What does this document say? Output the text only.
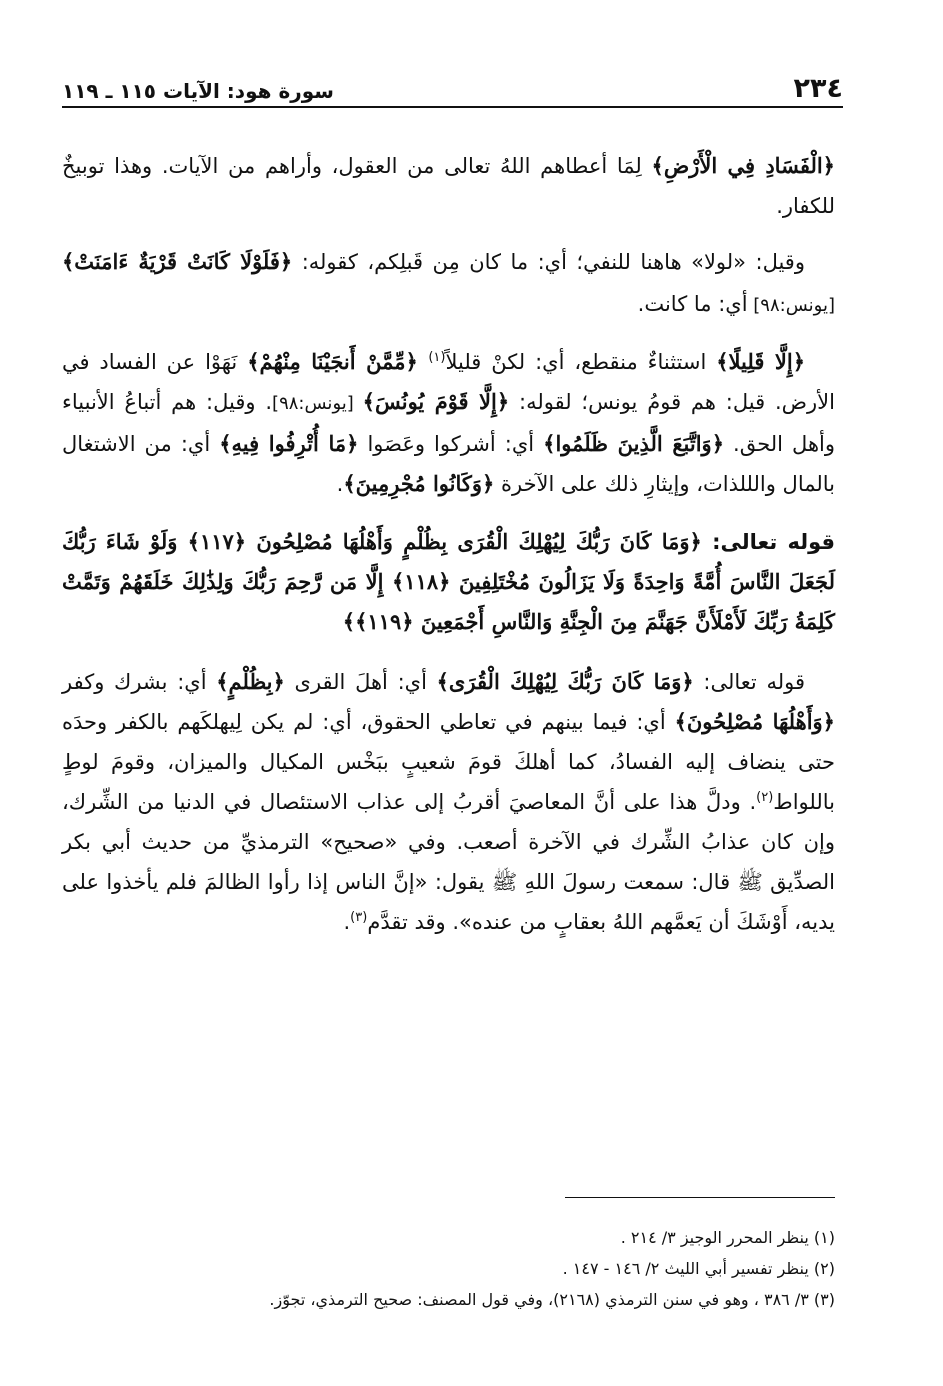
٢٣٤
سورة هود: الآيات ١١٥ ـ ١١٩

﴿الْفَسَادِ فِي الْأَرْضِ﴾ لِمَا أعطاهم اللهُ تعالى من العقول، وأراهم من الآيات. وهذا توبيخٌ للكفار.

وقيل: «لولا» هاهنا للنفي؛ أي: ما كان مِن قَبلِكم، كقوله: ﴿فَلَوْلَا كَانَتْ قَرْيَةٌ ءَامَنَتْ﴾ [يونس:٩٨] أي: ما كانت.

﴿إِلَّا قَلِيلًا﴾ استثناءٌ منقطع، أي: لكنْ قليلاً$^{(١)}$ ﴿مِّمَّنْ أَنجَيْنَا مِنْهُمْ﴾ نَهَوْا عن الفساد في الأرض. قيل: هم قومُ يونس؛ لقوله: ﴿إِلَّا قَوْمَ يُونُسَ﴾ [يونس:٩٨]. وقيل: هم أتباعُ الأنبياء وأهل الحق. ﴿وَاتَّبَعَ الَّذِينَ ظَلَمُوا﴾ أي: أشركوا وعَصَوا ﴿مَا أُتْرِفُوا فِيهِ﴾ أي: من الاشتغال بالمال والللذات، وإيثارِ ذلك على الآخرة ﴿وَكَانُوا مُجْرِمِينَ﴾.

قوله تعالى: ﴿وَمَا كَانَ رَبُّكَ لِيُهْلِكَ الْقُرَى بِظُلْمٍ وَأَهْلُهَا مُصْلِحُونَ ﴿١١٧﴾ وَلَوْ شَاءَ رَبُّكَ لَجَعَلَ النَّاسَ أُمَّةً وَاحِدَةً وَلَا يَزَالُونَ مُخْتَلِفِينَ ﴿١١٨﴾ إِلَّا مَن رَّحِمَ رَبُّكَ وَلِذَٰلِكَ خَلَقَهُمْ وَتَمَّتْ كَلِمَةُ رَبِّكَ لَأَمْلَأَنَّ جَهَنَّمَ مِنَ الْجِنَّةِ وَالنَّاسِ أَجْمَعِينَ ﴿١١٩﴾﴾

قوله تعالى: ﴿وَمَا كَانَ رَبُّكَ لِيُهْلِكَ الْقُرَى﴾ أي: أهلَ القرى ﴿بِظُلْمٍ﴾ أي: بشرك وكفر ﴿وَأَهْلُهَا مُصْلِحُونَ﴾ أي: فيما بينهم في تعاطي الحقوق، أي: لم يكن لِيهلكَهم بالكفر وحدَه حتى ينضاف إليه الفسادُ، كما أهلكَ قومَ شعيبٍ ببَخْس المكيال والميزان، وقومَ لوطٍ باللواط$^{(٢)}$. ودلَّ هذا على أنَّ المعاصيَ أقربُ إلى عذاب الاستئصال في الدنيا من الشِّرك، وإن كان عذابُ الشِّرك في الآخرة أصعب. وفي «صحيح» الترمذيِّ من حديث أبي بكر الصدِّيق ﷺ قال: سمعت رسولَ اللهِ ﷺ يقول: «إنَّ الناس إذا رأوا الظالمَ فلم يأخذوا على يديه، أَوْشَكَ أن يَعمَّهم اللهُ بعقابٍ من عنده». وقد تقدَّم$^{(٣)}$.

(١) ينظر المحرر الوجيز ٣/ ٢١٤ .
(٢) ينظر تفسير أبي الليث ٢/ ١٤٦ - ١٤٧ .
(٣) ٣/ ٣٨٦ ، وهو في سنن الترمذي (٢١٦٨)، وفي قول المصنف: صحيح الترمذي، تجوّز.
